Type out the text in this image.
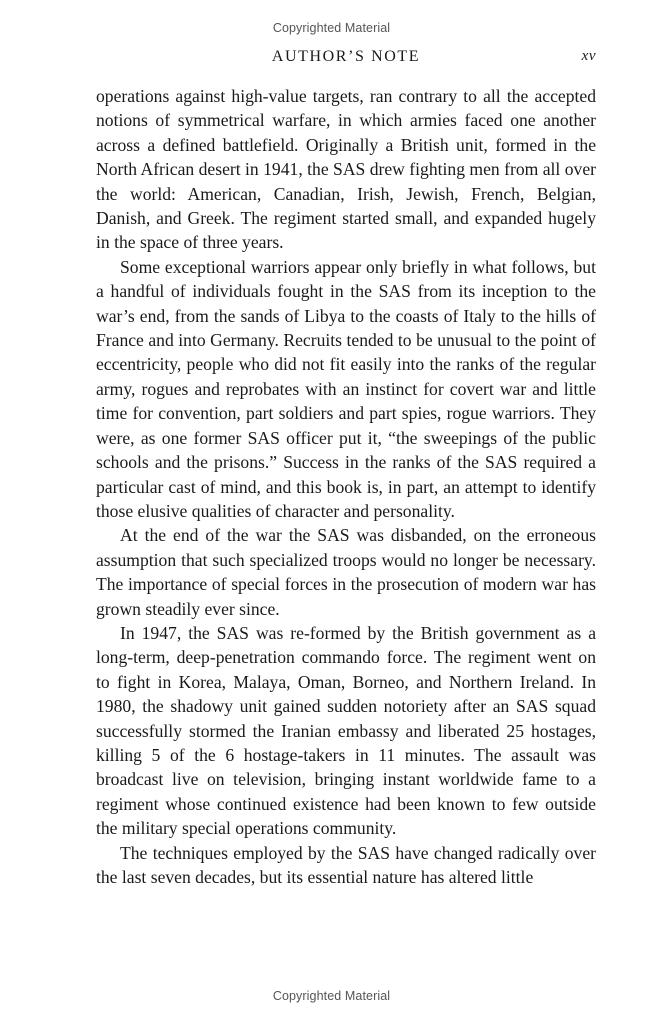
Copyrighted Material
AUTHOR’S NOTE	xv

operations against high-value targets, ran contrary to all the accepted notions of symmetrical warfare, in which armies faced one another across a defined battlefield. Originally a British unit, formed in the North African desert in 1941, the SAS drew fighting men from all over the world: American, Canadian, Irish, Jewish, French, Belgian, Danish, and Greek. The regiment started small, and expanded hugely in the space of three years.

Some exceptional warriors appear only briefly in what follows, but a handful of individuals fought in the SAS from its inception to the war’s end, from the sands of Libya to the coasts of Italy to the hills of France and into Germany. Recruits tended to be unusual to the point of eccentricity, people who did not fit easily into the ranks of the regular army, rogues and reprobates with an instinct for covert war and little time for convention, part soldiers and part spies, rogue warriors. They were, as one former SAS officer put it, “the sweepings of the public schools and the prisons.” Success in the ranks of the SAS required a particular cast of mind, and this book is, in part, an attempt to identify those elusive qualities of character and personality.

At the end of the war the SAS was disbanded, on the erroneous assumption that such specialized troops would no longer be necessary. The importance of special forces in the prosecution of modern war has grown steadily ever since.

In 1947, the SAS was re-formed by the British government as a long-term, deep-penetration commando force. The regiment went on to fight in Korea, Malaya, Oman, Borneo, and Northern Ireland. In 1980, the shadowy unit gained sudden notoriety after an SAS squad successfully stormed the Iranian embassy and liberated 25 hostages, killing 5 of the 6 hostage-takers in 11 minutes. The assault was broadcast live on television, bringing instant worldwide fame to a regiment whose continued existence had been known to few outside the military special operations community.

The techniques employed by the SAS have changed radically over the last seven decades, but its essential nature has altered little

Copyrighted Material
